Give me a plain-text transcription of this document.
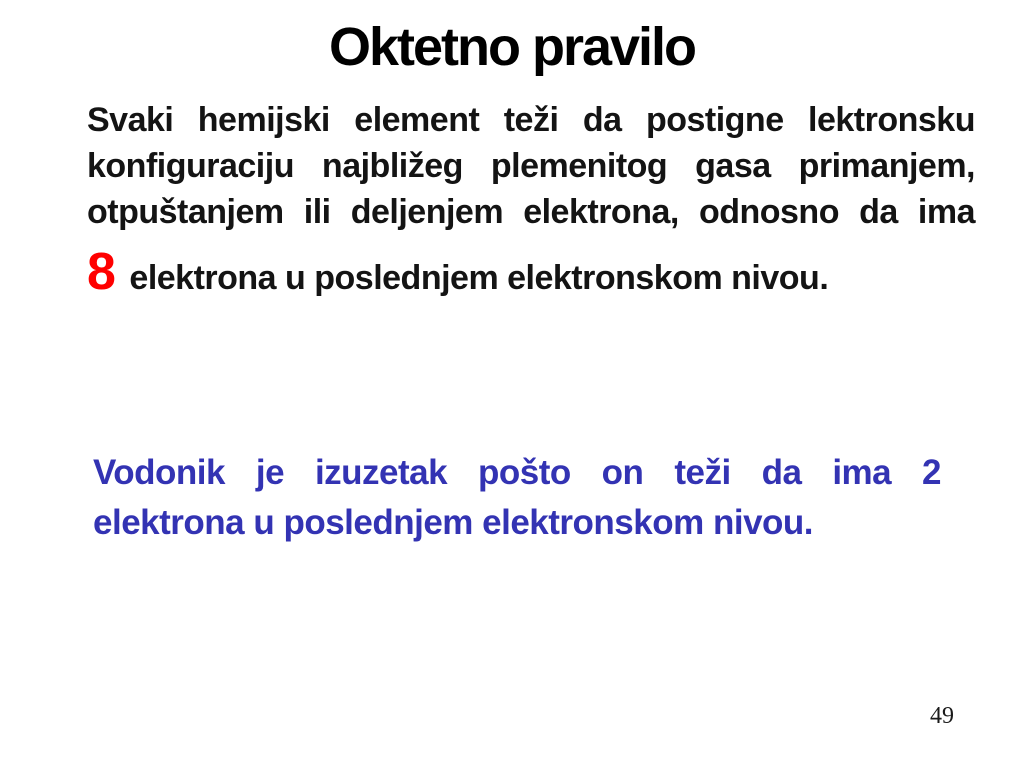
Oktetno pravilo
Svaki hemijski element teži da postigne lektronsku
konfiguraciju najbližeg plemenitog gasa primanjem,
otpuštanjem ili deljenjem elektrona, odnosno da ima
8 elektrona u poslednjem elektronskom nivou.
Vodonik je izuzetak pošto on teži da ima 2
elektrona u poslednjem elektronskom nivou.
49
